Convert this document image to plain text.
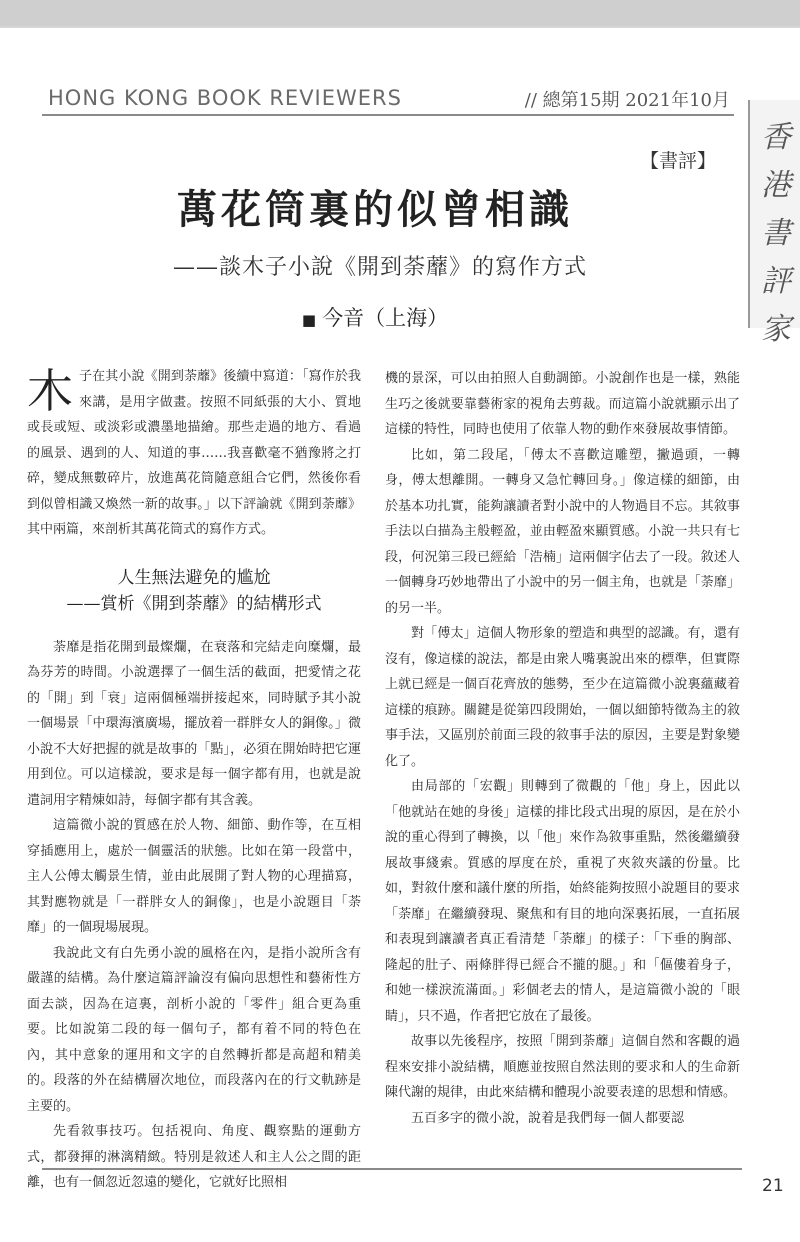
HONG KONG BOOK REVIEWERS	// 總第15期 2021年10月
香港書評家
【書評】
萬花筒裏的似曾相識
——談木子小說《開到荼蘼》的寫作方式
■ 今音（上海）

木子在其小說《開到荼蘼》後續中寫道：「寫作於我來講，是用字做畫。按照不同紙張的大小、質地或長或短、或淡彩或濃墨地描繪。那些走過的地方、看過的風景、遇到的人、知道的事……我喜歡毫不猶豫將之打碎，變成無數碎片，放進萬花筒隨意組合它們，然後你看到似曾相識又煥然一新的故事。」以下評論就《開到荼蘼》其中兩篇，來剖析其萬花筒式的寫作方式。

人生無法避免的尴尬
——賞析《開到荼蘼》的結構形式

荼靡是指花開到最燦爛，在衰落和完結走向糜爛，最為芬芳的時間。小說選擇了一個生活的截面，把愛情之花的「開」到「衰」這兩個極端拼接起來，同時賦予其小說一個場景「中環海濱廣場，擺放着一群胖女人的銅像。」微小說不大好把握的就是故事的「點」，必須在開始時把它運用到位。可以這樣說，要求是每一個字都有用，也就是說遣詞用字精煉如詩，每個字都有其含義。

這篇微小說的質感在於人物、細節、動作等，在互相穿插應用上，處於一個靈活的狀態。比如在第一段當中，主人公傅太觸景生情，並由此展開了對人物的心理描寫，其對應物就是「一群胖女人的銅像」，也是小說題目「荼靡」的一個現場展現。

我說此文有白先勇小說的風格在內，是指小說所含有嚴謹的結構。為什麼這篇評論沒有偏向思想性和藝術性方面去談，因為在這裏，剖析小說的「零件」組合更為重要。比如說第二段的每一個句子，都有着不同的特色在內，其中意象的運用和文字的自然轉折都是高超和精美的。段落的外在結構層次地位，而段落內在的行文軌跡是主要的。

先看敘事技巧。包括視向、角度、觀察點的運動方式，都發揮的淋漓精緻。特別是敘述人和主人公之間的距離，也有一個忽近忽遠的變化，它就好比照相

機的景深，可以由拍照人自動調節。小說創作也是一樣，熟能生巧之後就要靠藝術家的視角去剪裁。而這篇小說就顯示出了這樣的特性，同時也使用了依靠人物的動作來發展故事情節。

比如，第二段尾，「傅太不喜歡這雕塑，撇過頭，一轉身，傅太想離開。一轉身又急忙轉回身。」像這樣的細節，由於基本功扎實，能夠讓讀者對小說中的人物過目不忘。其敘事手法以白描為主般輕盈，並由輕盈來顯質感。小說一共只有七段，何況第三段已經給「浩楠」這兩個字佔去了一段。敘述人一個轉身巧妙地帶出了小說中的另一個主角，也就是「荼靡」的另一半。

對「傅太」這個人物形象的塑造和典型的認識。有，還有沒有，像這樣的說法，都是由衆人嘴裏說出來的標準，但實際上就已經是一個百花齊放的態勢，至少在這篇微小說裏蘊藏着這樣的痕跡。關鍵是從第四段開始，一個以細節特徵為主的敘事手法，又區別於前面三段的敘事手法的原因，主要是對象變化了。

由局部的「宏觀」則轉到了微觀的「他」身上，因此以「他就站在她的身後」這樣的排比段式出現的原因，是在於小說的重心得到了轉換，以「他」來作為敘事重點，然後繼續發展故事綫索。質感的厚度在於，重視了夾敘夾議的份量。比如，對敘什麼和議什麼的所指，始終能夠按照小說題目的要求「荼靡」在繼續發現、聚焦和有目的地向深裏拓展，一直拓展和表現到讓讀者真正看清楚「荼蘼」的樣子：「下垂的胸部、隆起的肚子、兩條胖得已經合不攏的腿。」和「傴僂着身子，和她一樣淚流滿面。」彩個老去的情人，是這篇微小說的「眼睛」，只不過，作者把它放在了最後。

故事以先後程序，按照「開到荼蘼」這個自然和客觀的過程來安排小說結構，順應並按照自然法則的要求和人的生命新陳代謝的規律，由此來結構和體現小說要表達的思想和情感。

五百多字的微小說，說着是我們每一個人都要認

21
